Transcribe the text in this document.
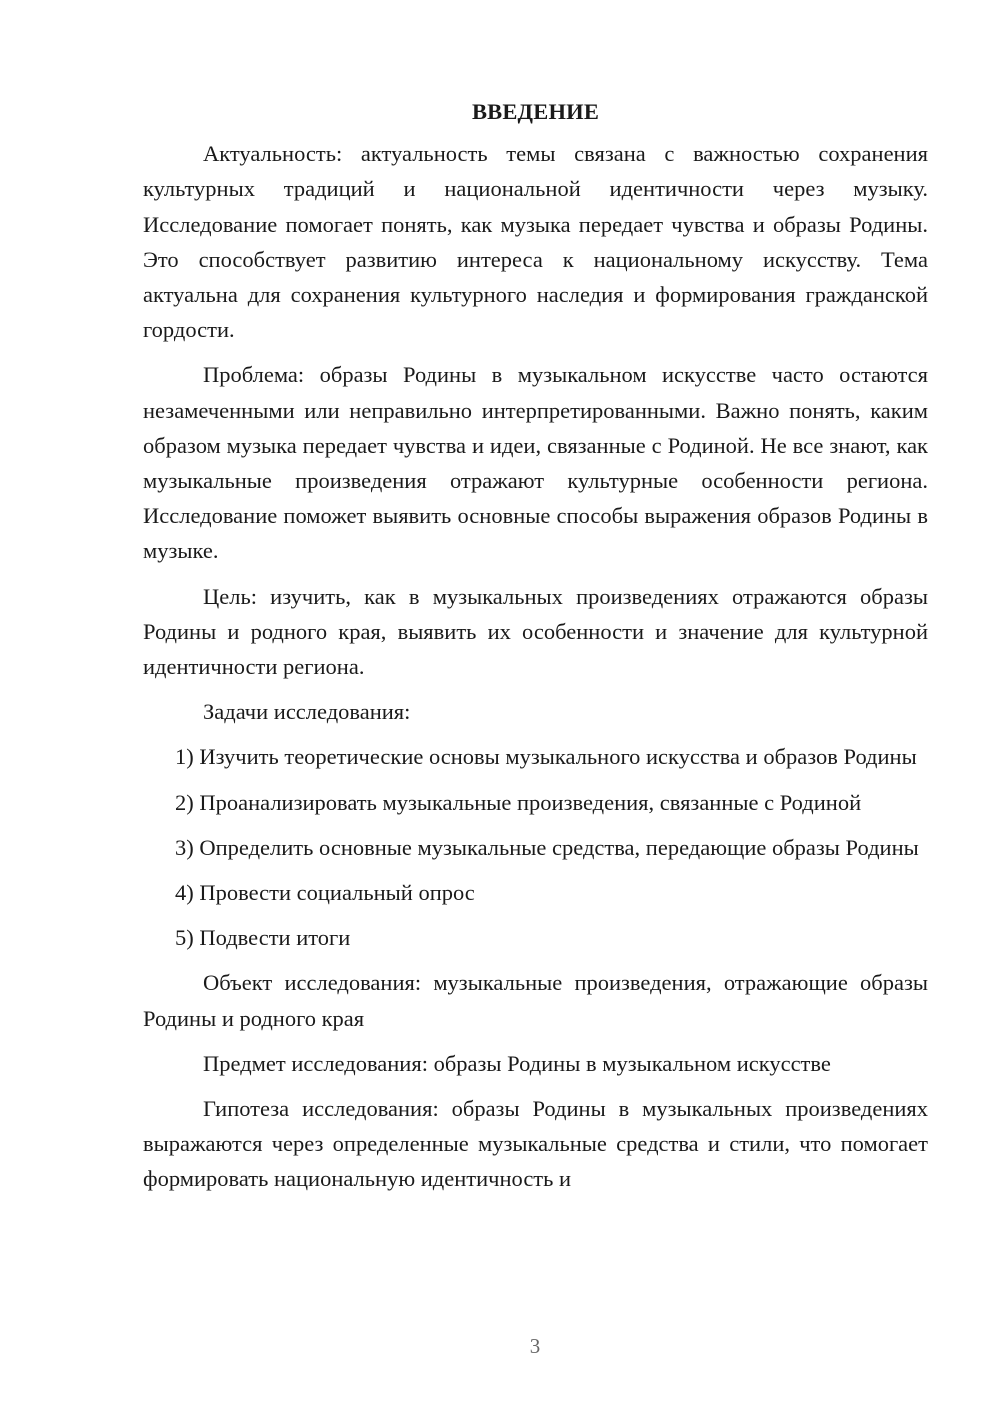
ВВЕДЕНИЕ

Актуальность: актуальность темы связана с важностью сохранения культурных традиций и национальной идентичности через музыку. Исследование помогает понять, как музыка передает чувства и образы Родины. Это способствует развитию интереса к национальному искусству. Тема актуальна для сохранения культурного наследия и формирования гражданской гордости.

Проблема: образы Родины в музыкальном искусстве часто остаются незамеченными или неправильно интерпретированными. Важно понять, каким образом музыка передает чувства и идеи, связанные с Родиной. Не все знают, как музыкальные произведения отражают культурные особенности региона. Исследование поможет выявить основные способы выражения образов Родины в музыке.

Цель: изучить, как в музыкальных произведениях отражаются образы Родины и родного края, выявить их особенности и значение для культурной идентичности региона.

Задачи исследования:

1) Изучить теоретические основы музыкального искусства и образов Родины

2) Проанализировать музыкальные произведения, связанные с Родиной

3) Определить основные музыкальные средства, передающие образы Родины

4) Провести социальный опрос

5) Подвести итоги

Объект исследования: музыкальные произведения, отражающие образы Родины и родного края

Предмет исследования: образы Родины в музыкальном искусстве

Гипотеза исследования: образы Родины в музыкальных произведениях выражаются через определенные музыкальные средства и стили, что помогает формировать национальную идентичность и

3
